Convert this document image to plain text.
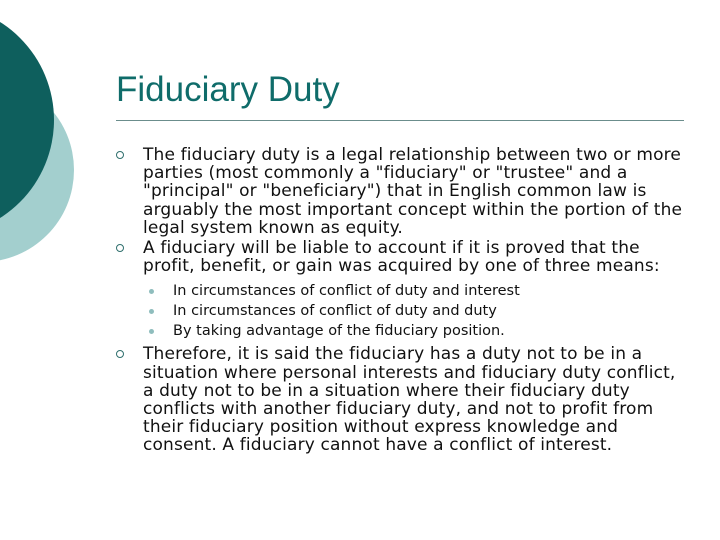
Fiduciary Duty
The fiduciary duty is a legal relationship between two or more parties (most commonly a "fiduciary" or "trustee" and a "principal" or "beneficiary") that in English common law is arguably the most important concept within the portion of the legal system known as equity.
A fiduciary will be liable to account if it is proved that the profit, benefit, or gain was acquired by one of three means:
In circumstances of conflict of duty and interest
In circumstances of conflict of duty and duty
By taking advantage of the fiduciary position.
Therefore, it is said the fiduciary has a duty not to be in a situation where personal interests and fiduciary duty conflict, a duty not to be in a situation where their fiduciary duty conflicts with another fiduciary duty, and not to profit from their fiduciary position without express knowledge and consent. A fiduciary cannot have a conflict of interest.
